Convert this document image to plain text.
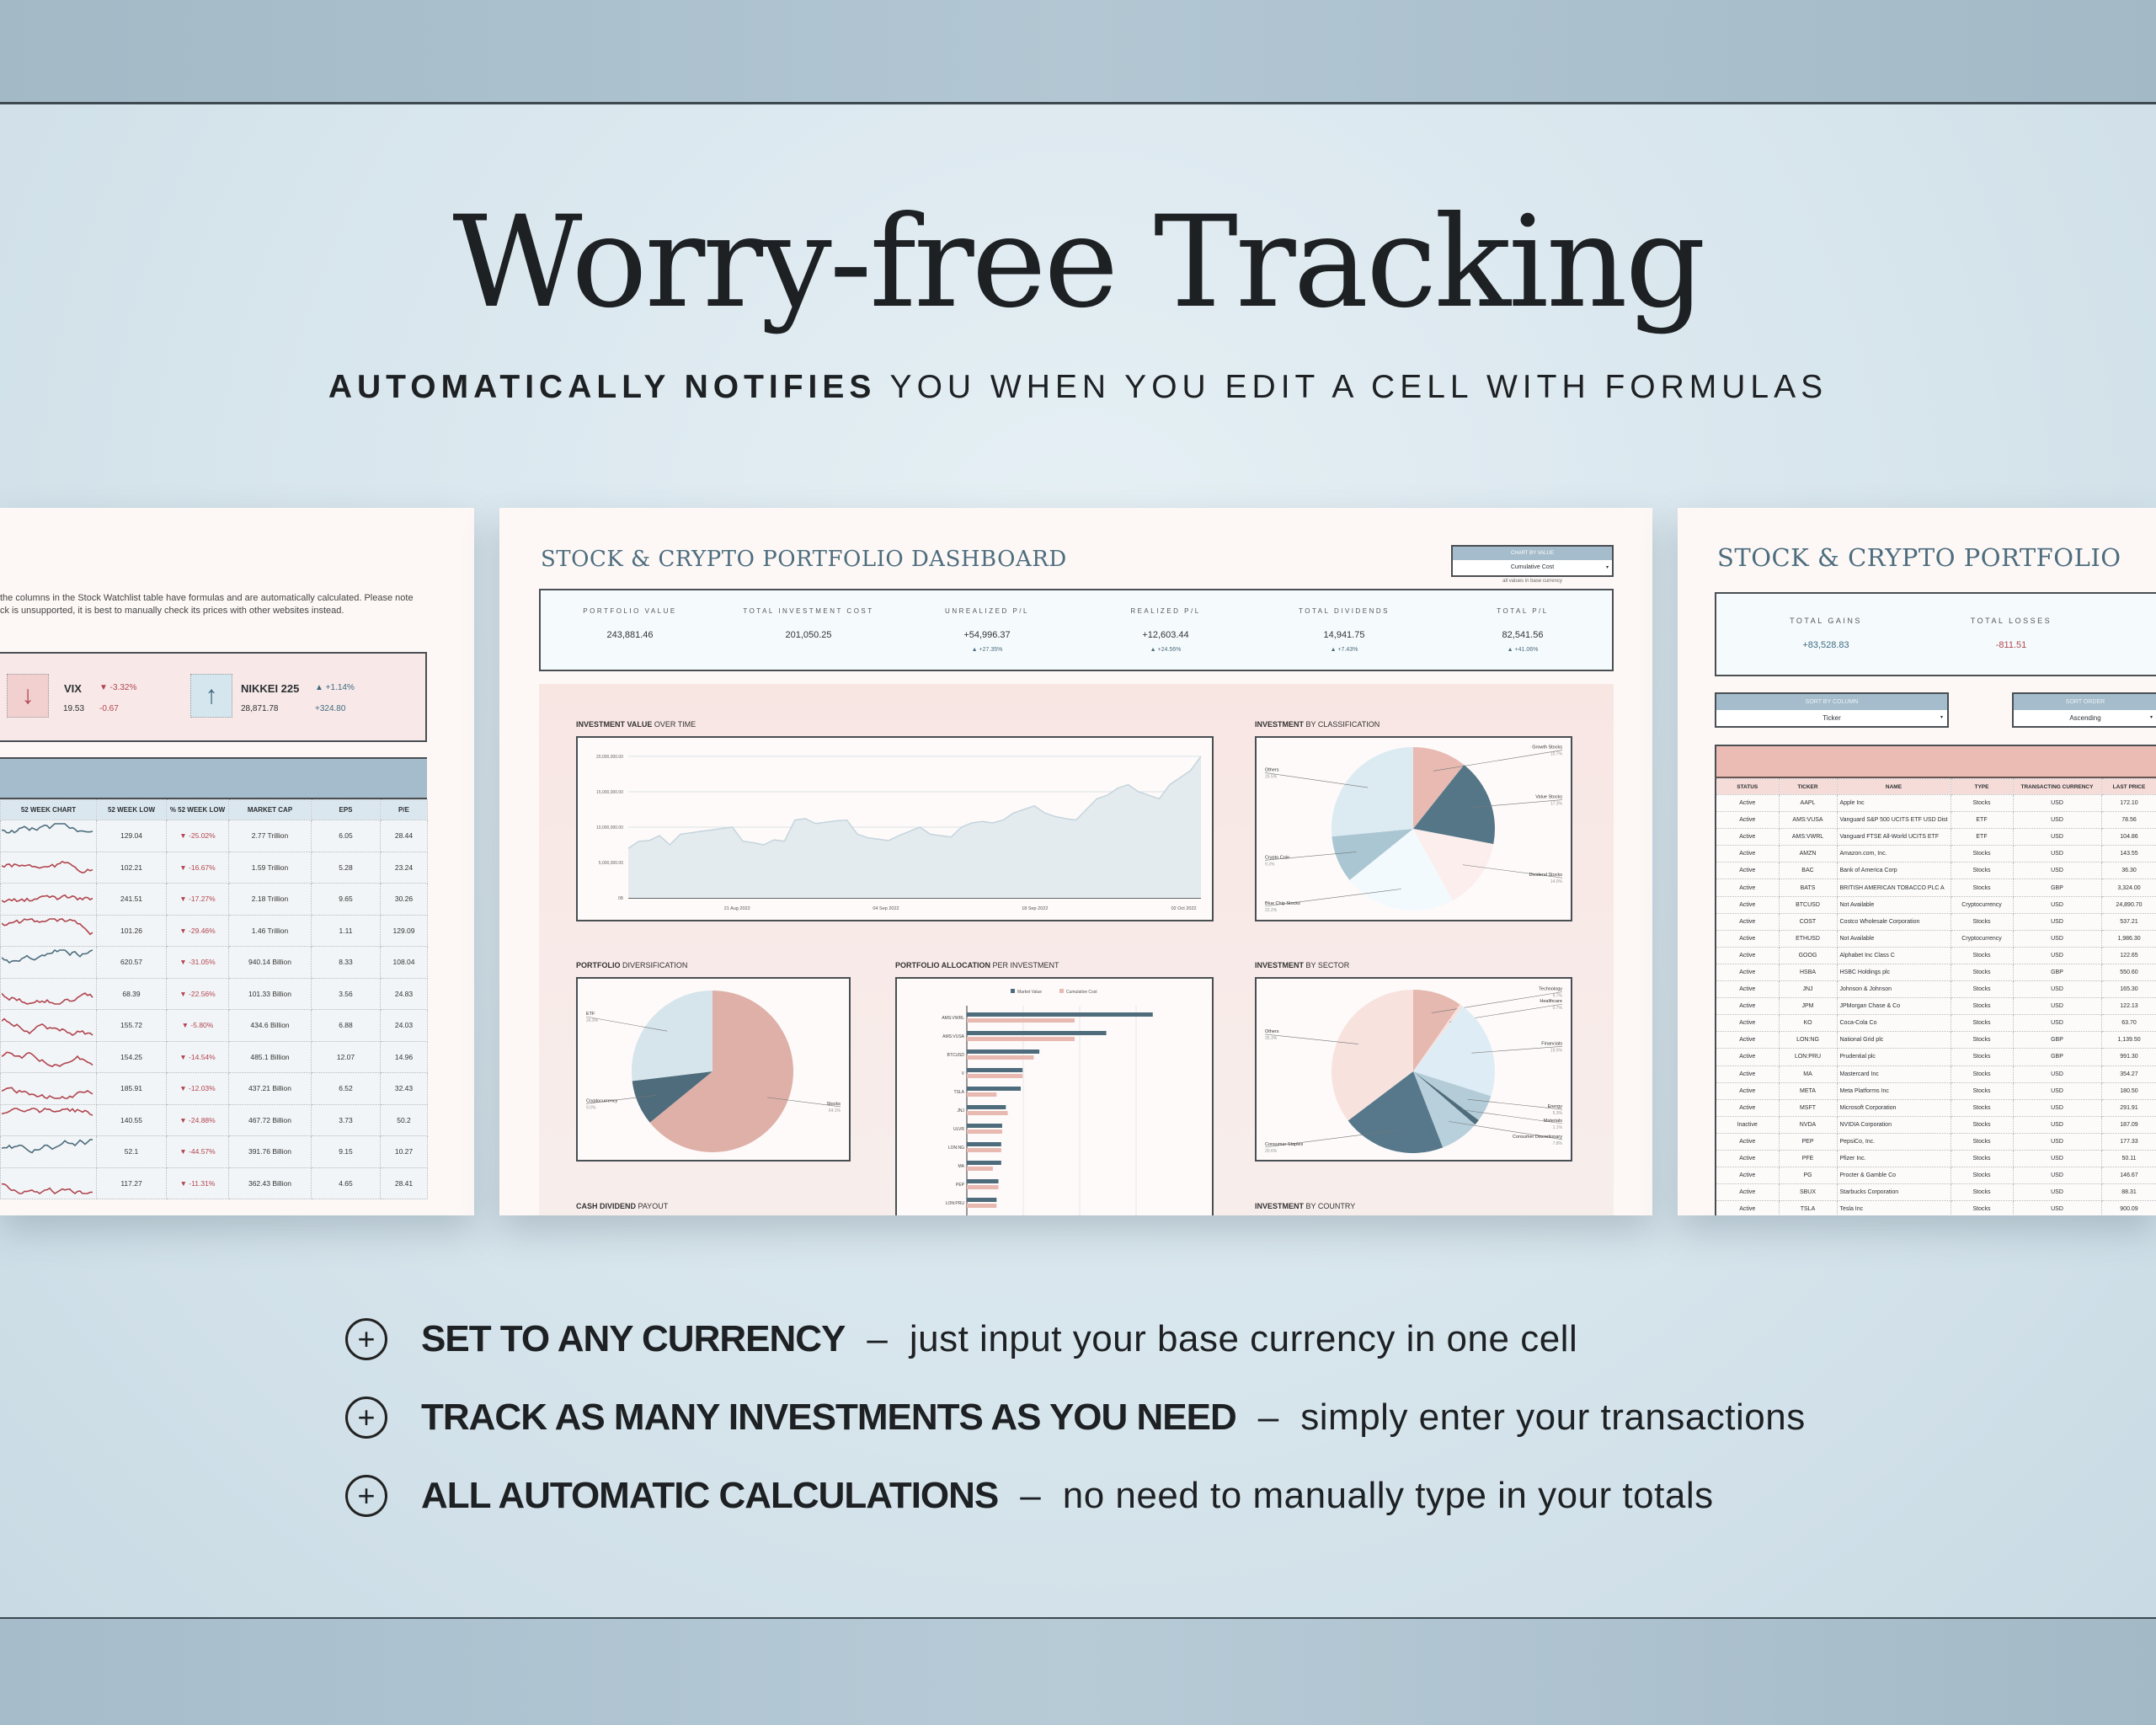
Worry-free Tracking
AUTOMATICALLY NOTIFIES YOU WHEN YOU EDIT A CELL WITH FORMULAS
the columns in the Stock Watchlist table have formulas and are automatically calculated. Please note
ck is unsupported, it is best to manually check its prices with other websites instead.
↓	VIX ▼ -3.32%
19.53 -0.67	↑	NIKKEI 225 ▲ +1.14%
28,871.78	+324.80
52 WEEK CHART	52 WEEK LOW	% 52 WEEK LOW	MARKET CAP	EPS	P/E
	129.04	▼ -25.02%	2.77 Trillion	6.05	28.44
	102.21	▼ -16.67%	1.59 Trillion	5.28	23.24
	241.51	▼ -17.27%	2.18 Trillion	9.65	30.26
	101.26	▼ -29.46%	1.46 Trillion	1.11	129.09
	620.57	▼ -31.05%	940.14 Billion	8.33	108.04
	68.39	▼ -22.56%	101.33 Billion	3.56	24.83
	155.72	▼ -5.80%	434.6 Billion	6.88	24.03
	154.25	▼ -14.54%	485.1 Billion	12.07	14.96
	185.91	▼ -12.03%	437.21 Billion	6.52	32.43
	140.55	▼ -24.88%	467.72 Billion	3.73	50.2
	52.1	▼ -44.57%	391.76 Billion	9.15	10.27
	117.27	▼ -11.31%	362.43 Billion	4.65	28.41
STOCK & CRYPTO PORTFOLIO DASHBOARD	CHART BY VALUE
Cumulative Cost	▾
all values in base currency
PORTFOLIO VALUE
243,881.46

TOTAL INVESTMENT COST
201,050.25

UNREALIZED P/L
+54,996.37
▲ +27.35%
REALIZED P/L
+12,603.44
▲ +24.56%
TOTAL DIVIDENDS
14,941.75
▲ +7.43%
TOTAL P/L
82,541.56
▲ +41.06%
INVESTMENT VALUE OVER TIME
0B
5,000,000.00
10,000,000.00
15,000,000.00
20,000,000.00
21 Aug 2022	04 Sep 2022	18 Sep 2022	02 Oct 2022
INVESTMENT BY CLASSIFICATION
Growth Stocks
10.7%
Value Stocks
17.3%
Dividend Stocks
14.0%
Blue Chip Stocks
22.2%
Crypto Coin
9.3%
Others
26.5%
PORTFOLIO DIVERSIFICATION
Stocks
64.1%
Cryptocurrency
9.0%
ETF
26.9%
PORTFOLIO ALLOCATION PER INVESTMENT
Market Value	Cumulative Cost
AMS:VWRL
AMS:VUSA
BTCUSD
V
TSLA
JNJ
ULVR
LON:NG
MA
PEP
LON:PRU
INVESTMENT BY SECTOR
Technology
9.7%
Healthcare
0.7%
Financials
19.5%
Energy
5.3%
Materials
1.1%
Consumer Discretionary
7.8%
Consumer Staples
20.6%
Others
35.3%
CASH DIVIDEND PAYOUT	INVESTMENT BY COUNTRY
STOCK & CRYPTO PORTFOLIO
TOTAL GAINS
+83,528.83
TOTAL LOSSES
-811.51
SORT BY COLUMN
Ticker	▾
SORT ORDER
Ascending	▾
STATUS	TICKER	NAME	TYPE	TRANSACTING CURRENCY	LAST PRICE
Active	AAPL	Apple Inc	Stocks	USD	172.10
Active	AMS:VUSA	Vanguard S&P 500 UCITS ETF USD Dist	ETF	USD	78.56
Active	AMS:VWRL	Vanguard FTSE All-World UCITS ETF	ETF	USD	104.86
Active	AMZN	Amazon.com, Inc.	Stocks	USD	143.55
Active	BAC	Bank of America Corp	Stocks	USD	36.30
Active	BATS	BRITISH AMERICAN TOBACCO PLC A	Stocks	GBP	3,324.00
Active	BTCUSD	Not Available	Cryptocurrency	USD	24,890.70
Active	COST	Costco Wholesale Corporation	Stocks	USD	537.21
Active	ETHUSD	Not Available	Cryptocurrency	USD	1,986.30
Active	GOOG	Alphabet Inc Class C	Stocks	USD	122.65
Active	HSBA	HSBC Holdings plc	Stocks	GBP	550.60
Active	JNJ	Johnson & Johnson	Stocks	USD	165.30
Active	JPM	JPMorgan Chase & Co	Stocks	USD	122.13
Active	KO	Coca-Cola Co	Stocks	USD	63.70
Active	LON:NG	National Grid plc	Stocks	GBP	1,139.50
Active	LON:PRU	Prudential plc	Stocks	GBP	991.30
Active	MA	Mastercard Inc	Stocks	USD	354.27
Active	META	Meta Platforms Inc	Stocks	USD	180.50
Active	MSFT	Microsoft Corporation	Stocks	USD	291.91
Inactive	NVDA	NVIDIA Corporation	Stocks	USD	187.09
Active	PEP	PepsiCo, Inc.	Stocks	USD	177.33
Active	PFE	Pfizer Inc.	Stocks	USD	50.11
Active	PG	Procter & Gamble Co	Stocks	USD	146.67
Active	SBUX	Starbucks Corporation	Stocks	USD	88.31
Active	TSLA	Tesla Inc	Stocks	USD	900.09
+	SET TO ANY CURRENCY – just input your base currency in one cell
+	TRACK AS MANY INVESTMENTS AS YOU NEED – simply enter your transactions
+	ALL AUTOMATIC CALCULATIONS – no need to manually type in your totals
